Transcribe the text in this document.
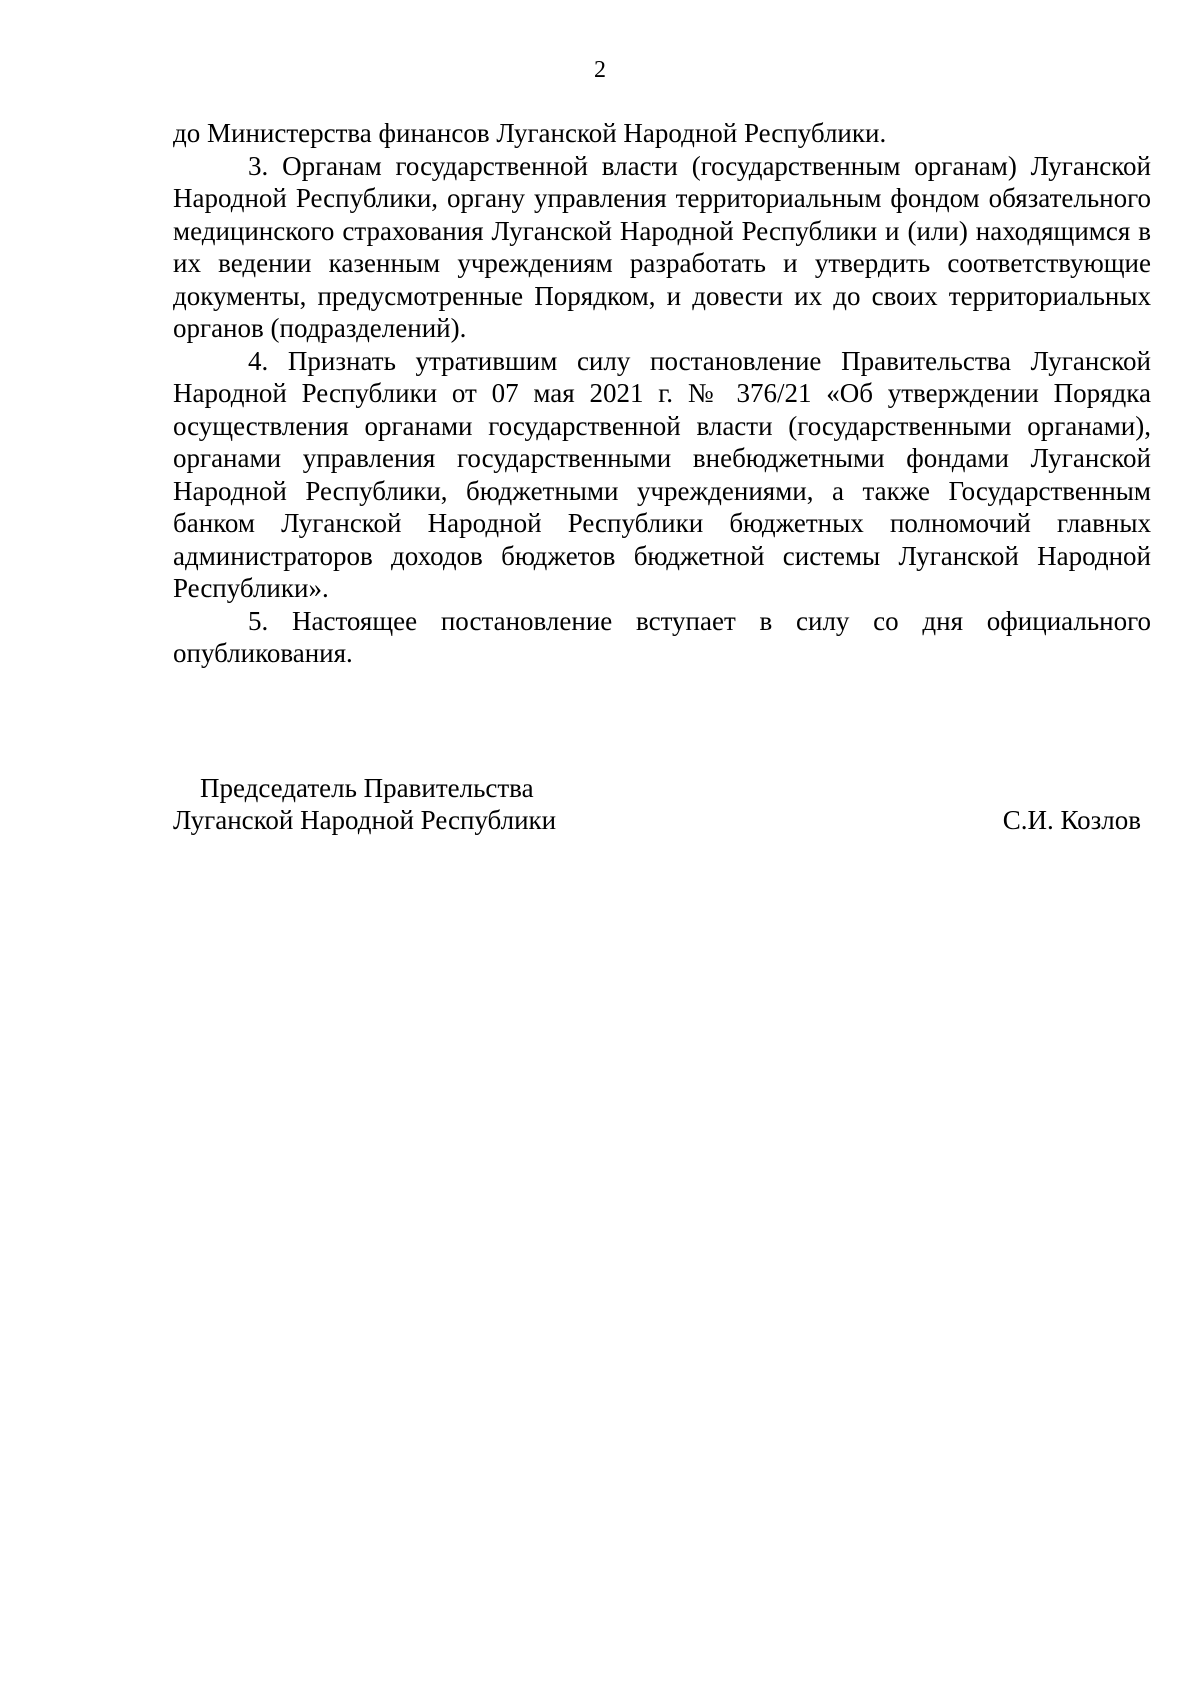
2

до Министерства финансов Луганской Народной Республики.

3. Органам государственной власти (государственным органам) Луганской Народной Республики, органу управления территориальным фондом обязательного медицинского страхования Луганской Народной Республики и (или) находящимся в их ведении казенным учреждениям разработать и утвердить соответствующие документы, предусмотренные Порядком, и довести их до своих территориальных органов (подразделений).

4. Признать утратившим силу постановление Правительства Луганской Народной Республики от 07 мая 2021 г. № 376/21 «Об утверждении Порядка осуществления органами государственной власти (государственными органами), органами управления государственными внебюджетными фондами Луганской Народной Республики, бюджетными учреждениями, а также Государственным банком Луганской Народной Республики бюджетных полномочий главных администраторов доходов бюджетов бюджетной системы Луганской Народной Республики».

5. Настоящее постановление вступает в силу со дня официального опубликования.

Председатель Правительства
Луганской Народной Республики	С.И. Козлов
